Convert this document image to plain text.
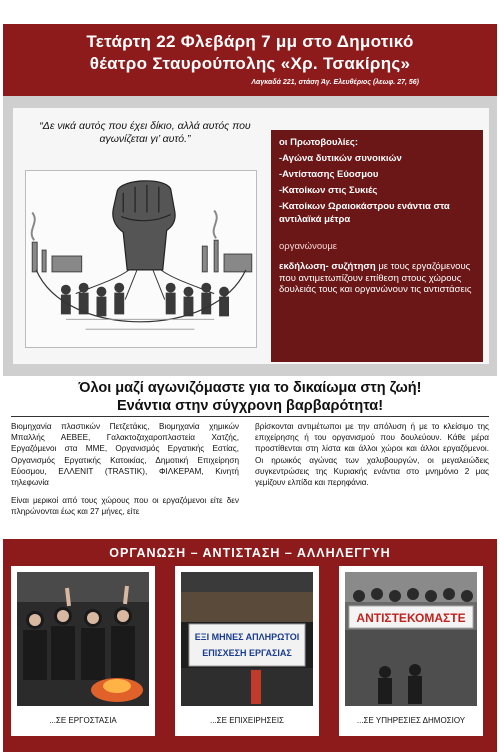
Τετάρτη 22 Φλεβάρη 7 μμ στο Δημοτικό
θέατρο Σταυρούπολης «Χρ. Τσακίρης»
Λαγκαδά 221, στάση Άγ. Ελευθέριος (λεωφ. 27, 56)
“Δε νικά αυτός που έχει δίκιο, αλλά αυτός που αγωνίζεται γι’ αυτό.”	οι Πρωτοβουλίες:
-Αγώνα δυτικών συνοικιών
-Αντίστασης Εύοσμου
-Κατοίκων στις Συκιές
-Κατοίκων Ωραιοκάστρου ενάντια στα αντιλαϊκά μέτρα
οργανώνουμε
εκδήλωση- συζήτηση με τους εργαζόμενους που αντιμετωπίζουν επίθεση στους χώρους δουλειάς τους και οργανώνουν τις αντιστάσεις
Όλοι μαζί αγωνιζόμαστε για το δικαίωμα στη ζωή!
Ενάντια στην σύγχρονη βαρβαρότητα!

Βιομηχανία πλαστικών Πετζετάκις, Βιομηχανία χημικών Μπαλλής ΑΕΒΕΕ, Γαλακτοζαχαροπλαστεία Χατζής, Εργαζόμενοι στα ΜΜΕ, Οργανισμός Εργατικής Εστίας, Οργανισμός Εργατικής Κατοικίας, Δημοτική Επιχείρηση Εύοσμου, ΕΛΛΕΝΙΤ (TRASTIK), ΦΙΛΚΕΡΑΜ, Κινητή τηλεφωνία

Είναι μερικοί από τους χώρους που οι εργαζόμενοι είτε δεν πληρώνονται έως και 27 μήνες, είτε

βρίσκονται αντιμέτωποι με την απόλυση ή με το κλείσιμο της επιχείρησης ή του οργανισμού που δουλεύουν. Κάθε μέρα προστίθενται στη λίστα και άλλοι χώροι και άλλοι εργαζόμενοι. Οι ηρωικός αγώνας των χαλυβουργών, οι μεγαλειώδεις συγκεντρώσεις της Κυριακής ενάντια στο μνημόνιο 2 μας γεμίζουν ελπίδα και περηφάνια.
ΟΡΓΑΝΩΣΗ – ΑΝΤΙΣΤΑΣΗ – ΑΛΛΗΛΕΓΓΥΗ
...ΣΕ ΕΡΓΟΣΤΑΣΙΑ
ΕΞΙ ΜΗΝΕΣ ΑΠΛΗΡΩΤΟΙ
ΕΠΙΣΧΕΣΗ ΕΡΓΑΣΙΑΣ
...ΣΕ ΕΠΙΧΕΙΡΗΣΕΙΣ
ΑΝΤΙΣΤΕΚΟΜΑΣΤΕ
...ΣΕ ΥΠΗΡΕΣΙΕΣ ΔΗΜΟΣΙΟΥ
